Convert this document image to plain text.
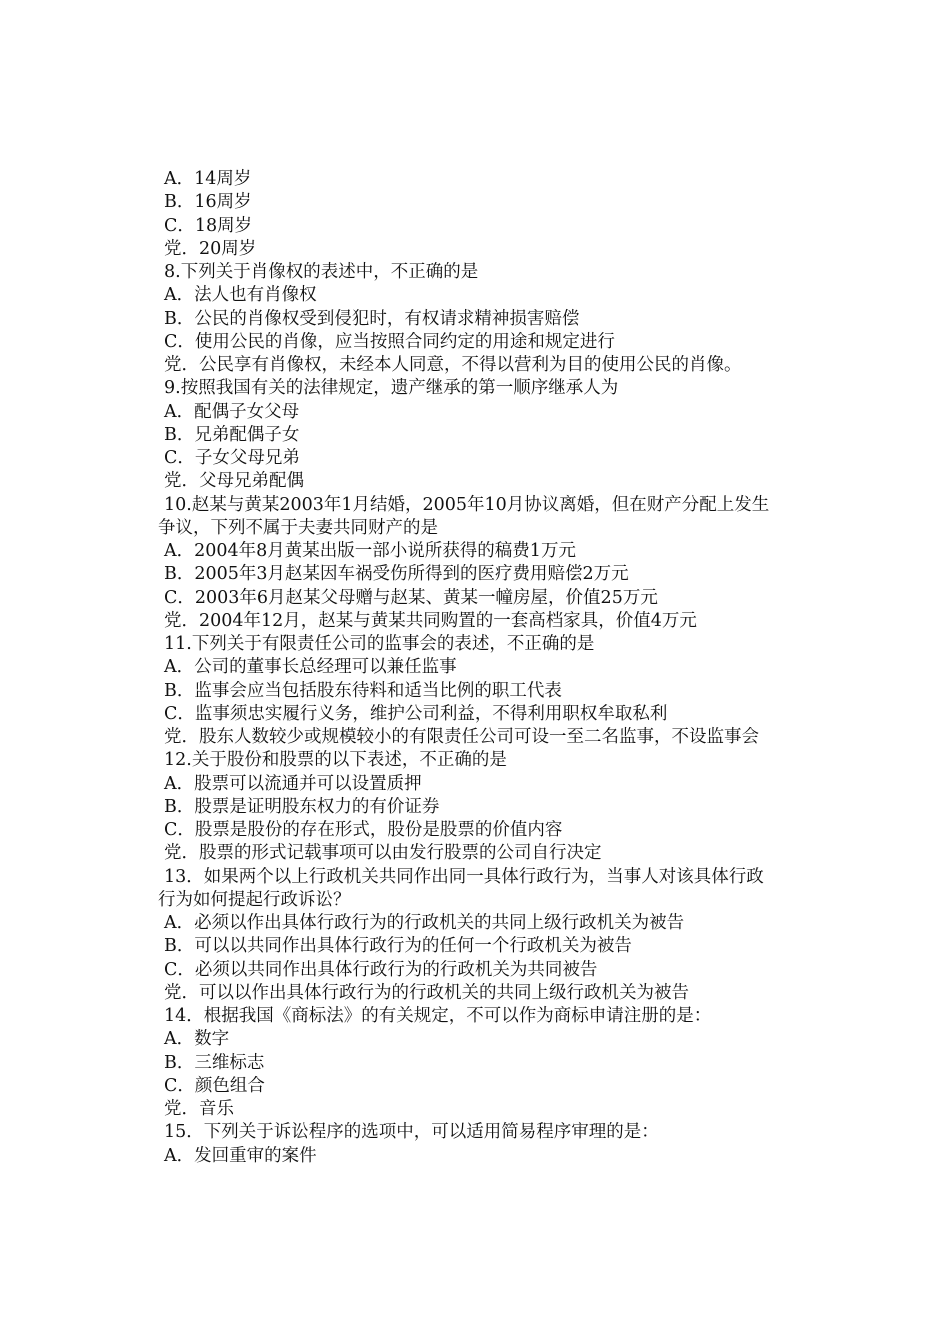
A．14周岁
B．16周岁
C．18周岁
党．20周岁
8.下列关于肖像权的表述中，不正确的是
A．法人也有肖像权
B．公民的肖像权受到侵犯时，有权请求精神损害赔偿
C．使用公民的肖像，应当按照合同约定的用途和规定进行
党．公民享有肖像权，未经本人同意，不得以营利为目的使用公民的肖像。
9.按照我国有关的法律规定，遗产继承的第一顺序继承人为
A．配偶子女父母
B．兄弟配偶子女
C．子女父母兄弟
党．父母兄弟配偶
10.赵某与黄某2003年1月结婚，2005年10月协议离婚，但在财产分配上发生
争议，下列不属于夫妻共同财产的是
A．2004年8月黄某出版一部小说所获得的稿费1万元
B．2005年3月赵某因车祸受伤所得到的医疗费用赔偿2万元
C．2003年6月赵某父母赠与赵某、黄某一幢房屋，价值25万元
党．2004年12月，赵某与黄某共同购置的一套高档家具，价值4万元
11.下列关于有限责任公司的监事会的表述，不正确的是
A．公司的董事长总经理可以兼任监事
B．监事会应当包括股东待料和适当比例的职工代表
C．监事须忠实履行义务，维护公司利益，不得利用职权牟取私利
党．股东人数较少或规模较小的有限责任公司可设一至二名监事，不设监事会
12.关于股份和股票的以下表述，不正确的是
A．股票可以流通并可以设置质押
B．股票是证明股东权力的有价证券
C．股票是股份的存在形式，股份是股票的价值内容
党．股票的形式记载事项可以由发行股票的公司自行决定
13．如果两个以上行政机关共同作出同一具体行政行为，当事人对该具体行政
行为如何提起行政诉讼？
A．必须以作出具体行政行为的行政机关的共同上级行政机关为被告
B．可以以共同作出具体行政行为的任何一个行政机关为被告
C．必须以共同作出具体行政行为的行政机关为共同被告
党．可以以作出具体行政行为的行政机关的共同上级行政机关为被告
14．根据我国《商标法》的有关规定，不可以作为商标申请注册的是：
A．数字
B．三维标志
C．颜色组合
党．音乐
15．下列关于诉讼程序的选项中，可以适用简易程序审理的是：
A．发回重审的案件
